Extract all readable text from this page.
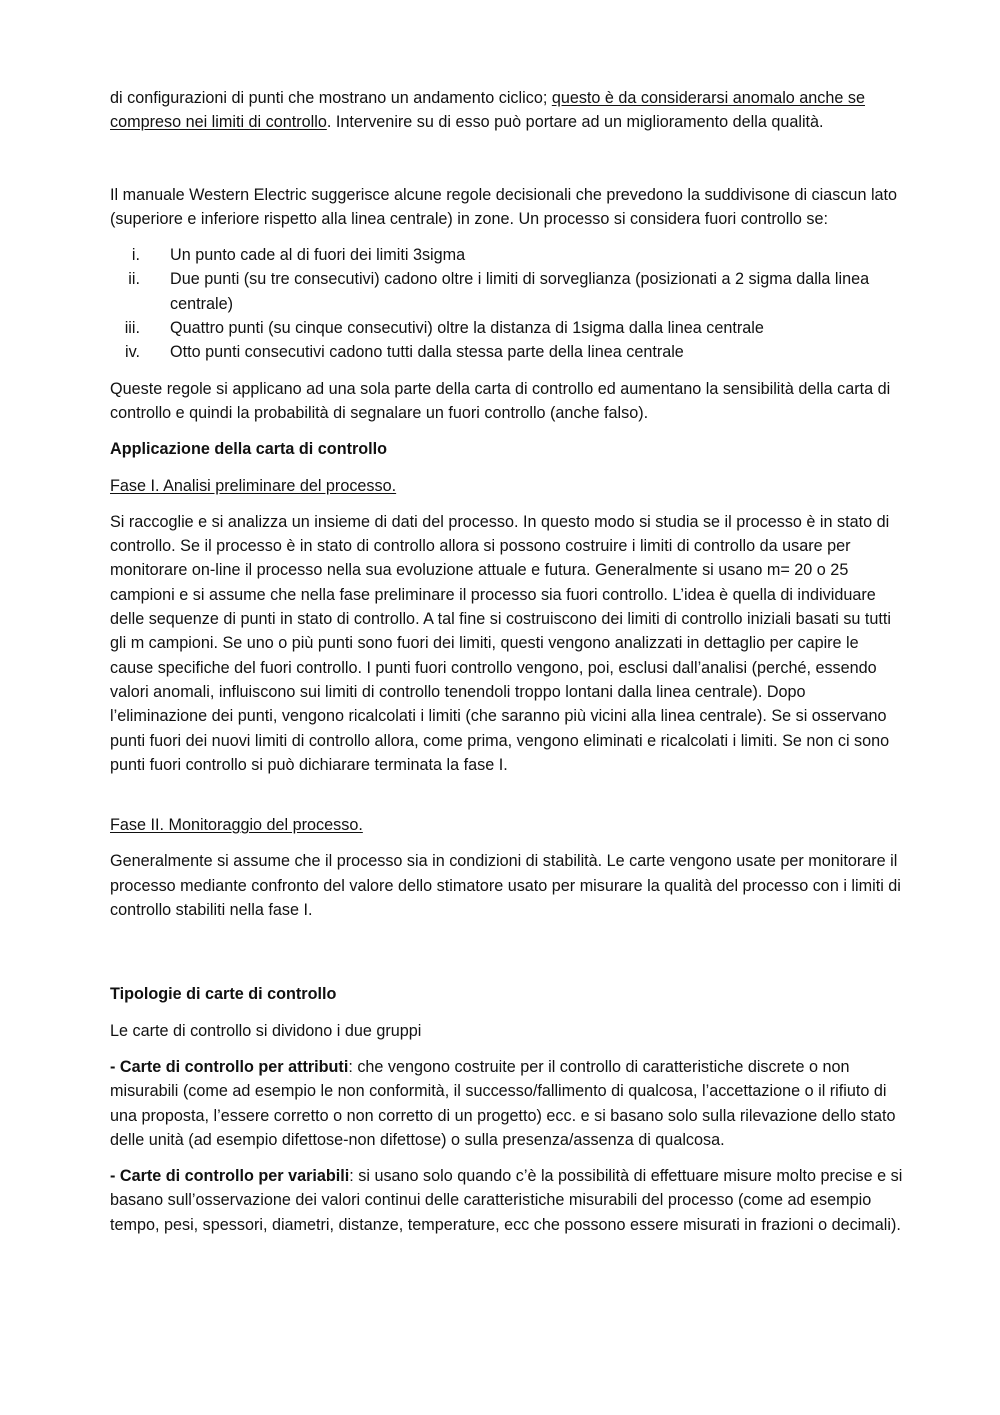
di configurazioni di punti che mostrano un andamento ciclico; questo è da considerarsi anomalo anche se compreso nei limiti di controllo. Intervenire su di esso può portare ad un miglioramento della qualità.

Il manuale Western Electric suggerisce alcune regole decisionali che prevedono la suddivisone di ciascun lato (superiore e inferiore rispetto alla linea centrale) in zone. Un processo si considera fuori controllo se:

i. Un punto cade al di fuori dei limiti 3sigma
ii. Due punti (su tre consecutivi) cadono oltre i limiti di sorveglianza (posizionati a 2 sigma dalla linea centrale)
iii. Quattro punti (su cinque consecutivi) oltre la distanza di 1sigma dalla linea centrale
iv. Otto punti consecutivi cadono tutti dalla stessa parte della linea centrale

Queste regole si applicano ad una sola parte della carta di controllo ed aumentano la sensibilità della carta di controllo e quindi la probabilità di segnalare un fuori controllo (anche falso).

Applicazione della carta di controllo

Fase I. Analisi preliminare del processo.

Si raccoglie e si analizza un insieme di dati del processo. In questo modo si studia se il processo è in stato di controllo. Se il processo è in stato di controllo allora si possono costruire i limiti di controllo da usare per monitorare on-line il processo nella sua evoluzione attuale e futura. Generalmente si usano m= 20 o 25 campioni e si assume che nella fase preliminare il processo sia fuori controllo. L’idea è quella di individuare delle sequenze di punti in stato di controllo. A tal fine si costruiscono dei limiti di controllo iniziali basati su tutti gli m campioni. Se uno o più punti sono fuori dei limiti, questi vengono analizzati in dettaglio per capire le cause specifiche del fuori controllo. I punti fuori controllo vengono, poi, esclusi dall’analisi (perché, essendo valori anomali, influiscono sui limiti di controllo tenendoli troppo lontani dalla linea centrale). Dopo l’eliminazione dei punti, vengono ricalcolati i limiti (che saranno più vicini alla linea centrale). Se si osservano punti fuori dei nuovi limiti di controllo allora, come prima, vengono eliminati e ricalcolati i limiti. Se non ci sono punti fuori controllo si può dichiarare terminata la fase I.

Fase II. Monitoraggio del processo.

Generalmente si assume che il processo sia in condizioni di stabilità. Le carte vengono usate per monitorare il processo mediante confronto del valore dello stimatore usato per misurare la qualità del processo con i limiti di controllo stabiliti nella fase I.

Tipologie di carte di controllo

Le carte di controllo si dividono i due gruppi

- Carte di controllo per attributi: che vengono costruite per il controllo di caratteristiche discrete o non misurabili (come ad esempio le non conformità, il successo/fallimento di qualcosa, l’accettazione o il rifiuto di una proposta, l’essere corretto o non corretto di un progetto) ecc. e si basano solo sulla rilevazione dello stato delle unità (ad esempio difettose-non difettose) o sulla presenza/assenza di qualcosa.

- Carte di controllo per variabili: si usano solo quando c’è la possibilità di effettuare misure molto precise e si basano sull’osservazione dei valori continui delle caratteristiche misurabili del processo (come ad esempio tempo, pesi, spessori, diametri, distanze, temperature, ecc che possono essere misurati in frazioni o decimali).
